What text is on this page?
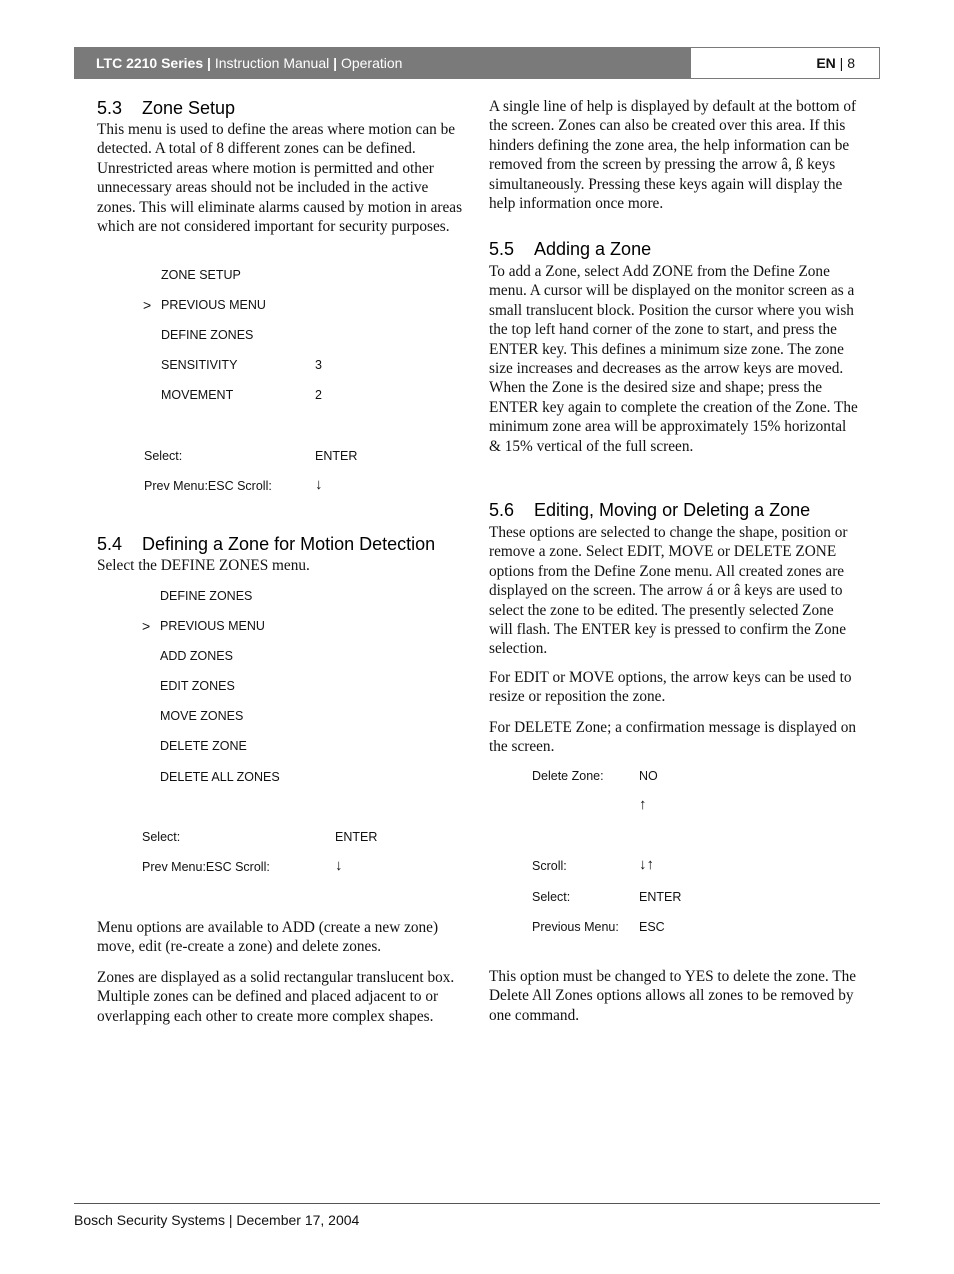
LTC 2210 Series | Instruction Manual | Operation	EN | 8
5.3 Zone Setup

This menu is used to define the areas where motion can be detected. A total of 8 different zones can be defined. Unrestricted areas where motion is permitted and other unnecessary areas should not be included in the active zones. This will eliminate alarms caused by motion in areas which are not considered important for security purposes.

ZONE SETUP
> PREVIOUS MENU
DEFINE ZONES
SENSITIVITY	3
MOVEMENT	2
Select:	ENTER
Prev Menu:ESC Scroll:	↓
5.4 Defining a Zone for Motion Detection

Select the DEFINE ZONES menu.

DEFINE ZONES
> PREVIOUS MENU
ADD ZONES
EDIT ZONES
MOVE ZONES
DELETE ZONE
DELETE ALL ZONES
Select:	ENTER
Prev Menu:ESC Scroll:	↓

Menu options are available to ADD (create a new zone) move, edit (re-create a zone) and delete zones.

Zones are displayed as a solid rectangular translucent box. Multiple zones can be defined and placed adjacent to or overlapping each other to create more complex shapes.

A single line of help is displayed by default at the bottom of the screen. Zones can also be created over this area. If this hinders defining the zone area, the help information can be removed from the screen by pressing the arrow â, ß keys simultaneously. Pressing these keys again will display the help information once more.

5.5 Adding a Zone

To add a Zone, select Add ZONE from the Define Zone menu. A cursor will be displayed on the monitor screen as a small translucent block. Position the cursor where you wish the top left hand corner of the zone to start, and press the ENTER key. This defines a minimum size zone. The zone size increases and decreases as the arrow keys are moved. When the Zone is the desired size and shape; press the ENTER key again to complete the creation of the Zone. The minimum zone area will be approximately 15% horizontal & 15% vertical of the full screen.

5.6 Editing, Moving or Deleting a Zone

These options are selected to change the shape, position or remove a zone. Select EDIT, MOVE or DELETE ZONE options from the Define Zone menu. All created zones are displayed on the screen. The arrow á or â keys are used to select the zone to be edited. The presently selected Zone will flash. The ENTER key is pressed to confirm the Zone selection.

For EDIT or MOVE options, the arrow keys can be used to resize or reposition the zone.

For DELETE Zone; a confirmation message is displayed on the screen.

Delete Zone:	NO
↑
Scroll:	↓↑
Select:	ENTER
Previous Menu: ESC

This option must be changed to YES to delete the zone. The Delete All Zones options allows all zones to be removed by one command.

Bosch Security Systems | December 17, 2004
